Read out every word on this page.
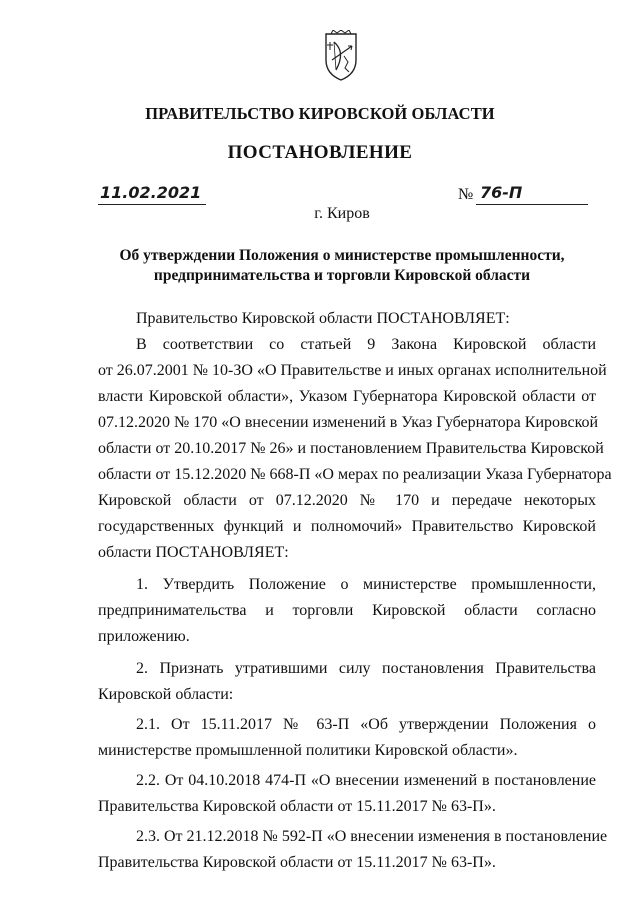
ПРАВИТЕЛЬСТВО КИРОВСКОЙ ОБЛАСТИ
ПОСТАНОВЛЕНИЕ
11.02.2021	№ 76-П
г. Киров
Об утверждении Положения о министерстве промышленности,
предпринимательства и торговли Кировской области
Правительство Кировской области ПОСТАНОВЛЯЕТ:
В соответствии со статьей 9 Закона Кировской области
от 26.07.2001 № 10-ЗО «О Правительстве и иных органах исполнительной
власти Кировской области», Указом Губернатора Кировской области от
07.12.2020 № 170 «О внесении изменений в Указ Губернатора Кировской
области от 20.10.2017 № 26» и постановлением Правительства Кировской
области от 15.12.2020 № 668-П «О мерах по реализации Указа Губернатора
Кировской области от 07.12.2020 № 170 и передаче некоторых
государственных функций и полномочий» Правительство Кировской
области ПОСТАНОВЛЯЕТ:
1. Утвердить Положение о министерстве промышленности,
предпринимательства и торговли Кировской области согласно
приложению.
2. Признать утратившими силу постановления Правительства
Кировской области:
2.1. От 15.11.2017 № 63-П «Об утверждении Положения о
министерстве промышленной политики Кировской области».
2.2. От 04.10.2018 474-П «О внесении изменений в постановление
Правительства Кировской области от 15.11.2017 № 63-П».
2.3. От 21.12.2018 № 592-П «О внесении изменения в постановление
Правительства Кировской области от 15.11.2017 № 63-П».
